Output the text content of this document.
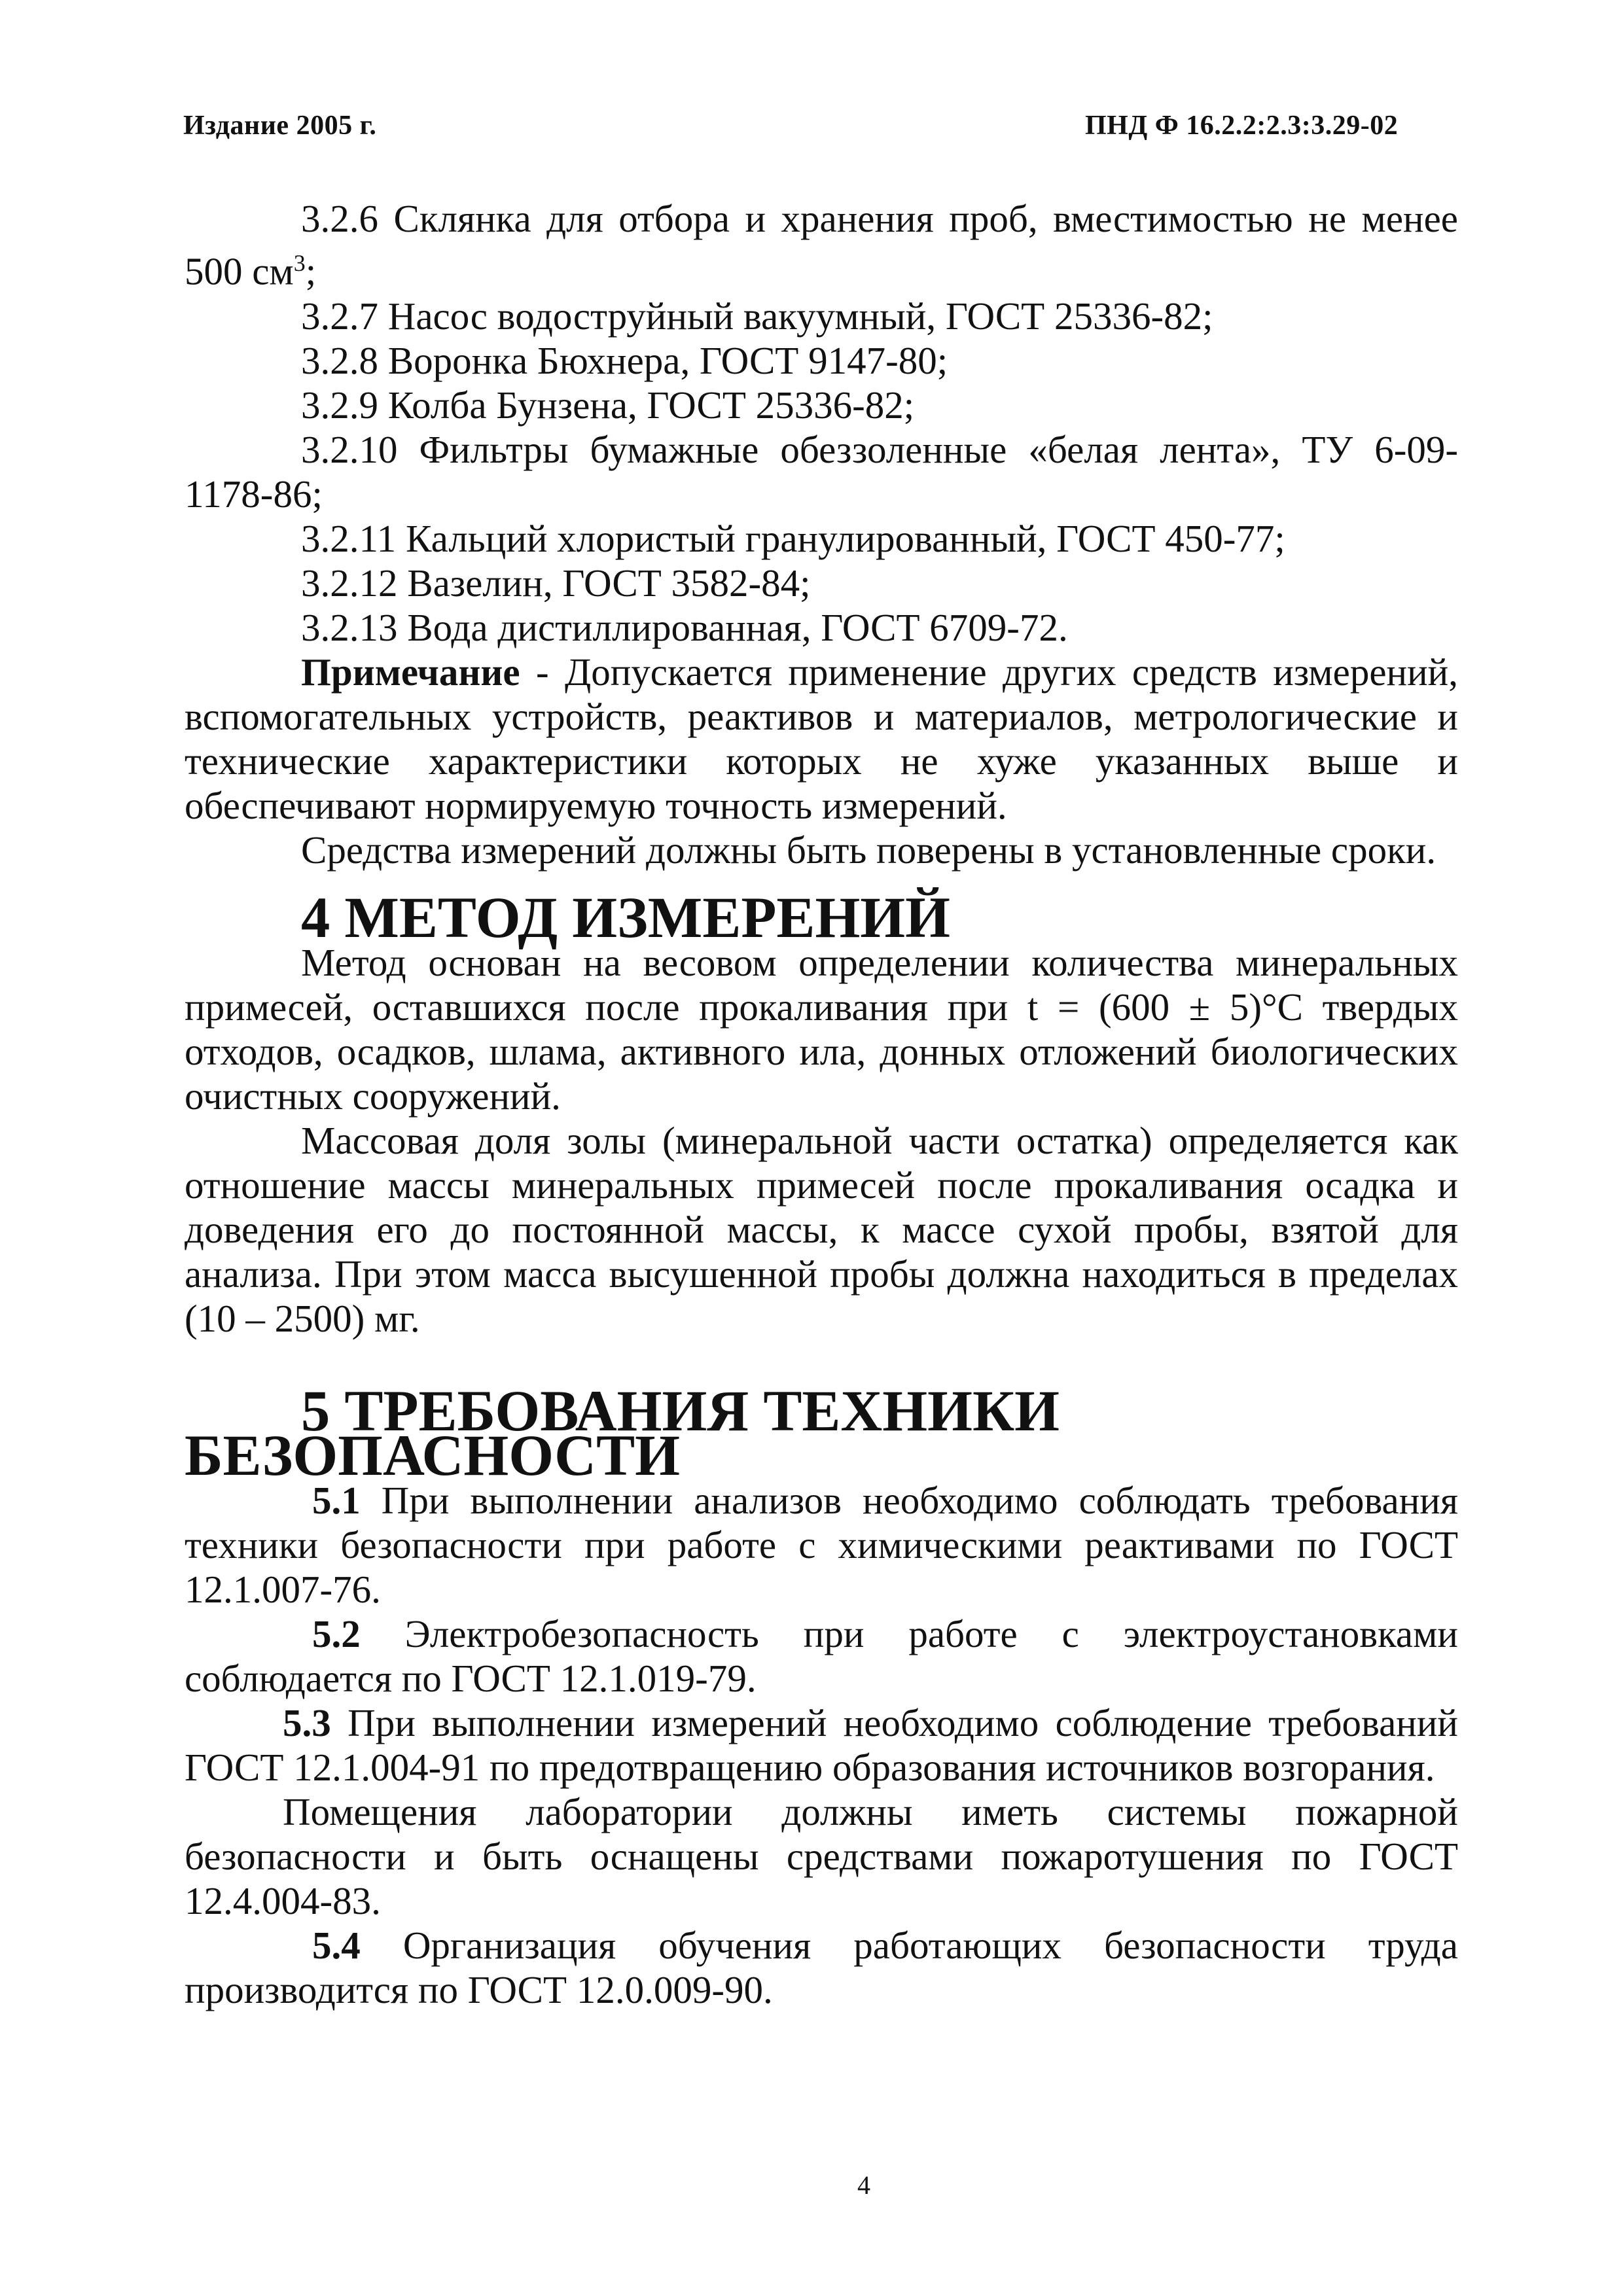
Издание 2005 г.	ПНД Ф 16.2.2:2.3:3.29-02

3.2.6 Склянка для отбора и хранения проб, вместимостью не менее 500 $см^3$;

3.2.7 Насос водоструйный вакуумный, ГОСТ 25336-82;

3.2.8 Воронка Бюхнера, ГОСТ 9147-80;

3.2.9 Колба Бунзена, ГОСТ 25336-82;

3.2.10 Фильтры бумажные обеззоленные «белая лента», ТУ 6-09-1178-86;

3.2.11 Кальций хлористый гранулированный, ГОСТ 450-77;

3.2.12 Вазелин, ГОСТ 3582-84;

3.2.13 Вода дистиллированная, ГОСТ 6709-72.

Примечание - Допускается применение других средств измерений, вспомогательных устройств, реактивов и материалов, метрологические и технические характеристики которых не хуже указанных выше и обеспечивают нормируемую точность измерений.

Средства измерений должны быть поверены в установленные сроки.

4 МЕТОД ИЗМЕРЕНИЙ

Метод основан на весовом определении количества минеральных примесей, оставшихся после прокаливания при t = (600 ± 5)°С твердых отходов, осадков, шлама, активного ила, донных отложений биологических очистных сооружений.

Массовая доля золы (минеральной части остатка) определяется как отношение массы минеральных примесей после прокаливания осадка и доведения его до постоянной массы, к массе сухой пробы, взятой для анализа. При этом масса высушенной пробы должна находиться в пределах (10 – 2500) мг.

5 ТРЕБОВАНИЯ ТЕХНИКИ БЕЗОПАСНОСТИ

5.1 При выполнении анализов необходимо соблюдать требования техники безопасности при работе с химическими реактивами по ГОСТ 12.1.007-76.

5.2 Электробезопасность при работе с электроустановками соблюдается по ГОСТ 12.1.019-79.

5.3 При выполнении измерений необходимо соблюдение требований ГОСТ 12.1.004-91 по предотвращению образования источников возгорания.

Помещения лаборатории должны иметь системы пожарной безопасности и быть оснащены средствами пожаротушения по ГОСТ 12.4.004-83.

5.4 Организация обучения работающих безопасности труда производится по ГОСТ 12.0.009-90.

4
